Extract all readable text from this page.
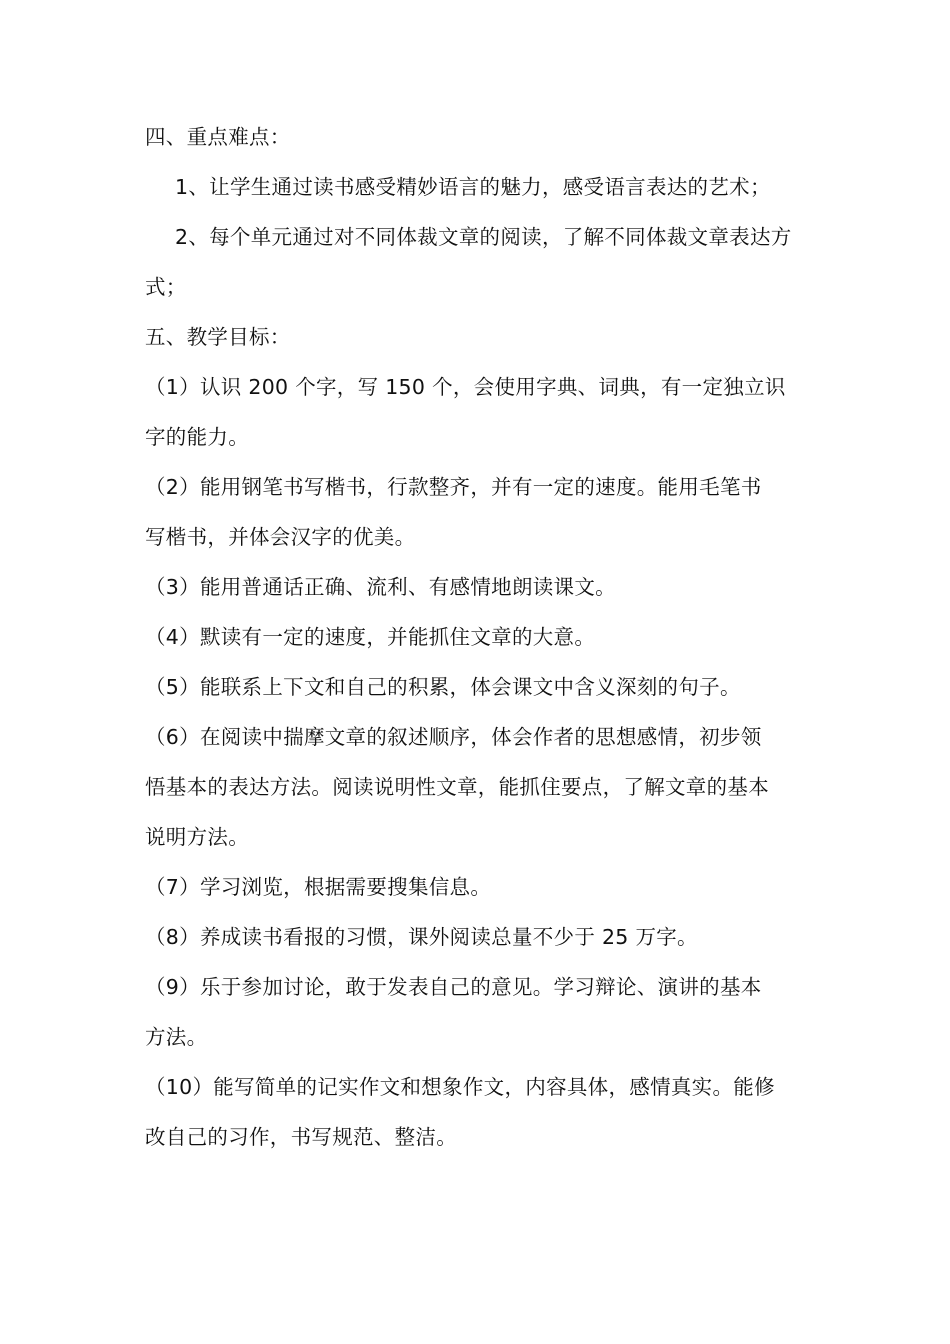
四、重点难点：
1、让学生通过读书感受精妙语言的魅力，感受语言表达的艺术；
2、每个单元通过对不同体裁文章的阅读，了解不同体裁文章表达方
式；
五、教学目标：
（1）认识 200 个字，写 150 个，会使用字典、词典，有一定独立识
字的能力。
（2）能用钢笔书写楷书，行款整齐，并有一定的速度。能用毛笔书
写楷书，并体会汉字的优美。
（3）能用普通话正确、流利、有感情地朗读课文。
（4）默读有一定的速度，并能抓住文章的大意。
（5）能联系上下文和自己的积累，体会课文中含义深刻的句子。
（6）在阅读中揣摩文章的叙述顺序，体会作者的思想感情，初步领
悟基本的表达方法。阅读说明性文章，能抓住要点，了解文章的基本
说明方法。
（7）学习浏览，根据需要搜集信息。
（8）养成读书看报的习惯，课外阅读总量不少于 25 万字。
（9）乐于参加讨论，敢于发表自己的意见。学习辩论、演讲的基本
方法。
（10）能写简单的记实作文和想象作文，内容具体，感情真实。能修
改自己的习作，书写规范、整洁。
